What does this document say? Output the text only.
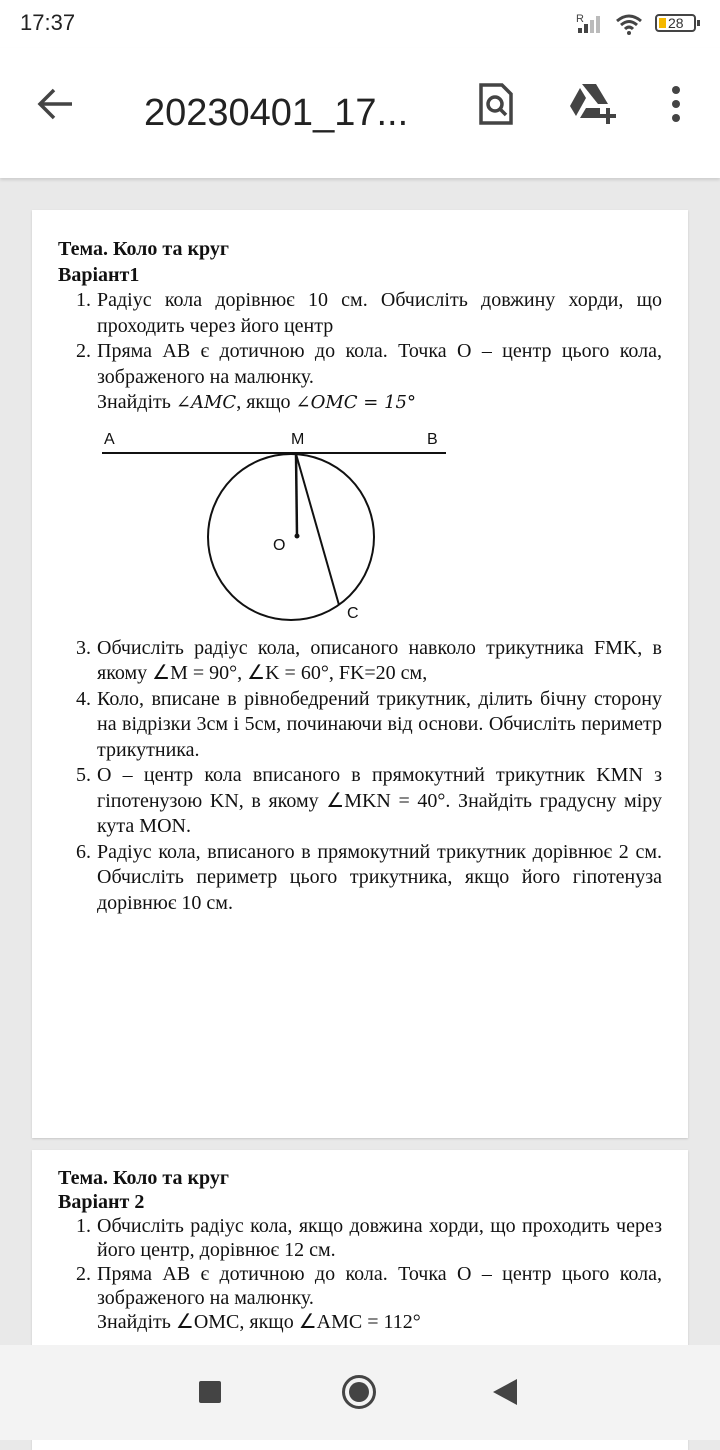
17:37	R	28
20230401_17...
Тема. Коло та круг
Варіант1
1. Радіус кола дорівнює 10 см. Обчисліть довжину хорди, що проходить через його центр
2. Пряма АВ є дотичною до кола. Точка О – центр цього кола, зображеного на малюнку.
Знайдіть ∠AMC, якщо ∠OMC = 15°
A	M	B
O
C
3. Обчисліть радіус кола, описаного навколо трикутника FMK, в якому ∠M = 90°, ∠K = 60°, FK=20 см,
4. Коло, вписане в рівнобедрений трикутник, ділить бічну сторону на відрізки 3см і 5см, починаючи від основи. Обчисліть периметр трикутника.
5. О – центр кола вписаного в прямокутний трикутник KMN з гіпотенузою KN, в якому ∠MKN = 40°. Знайдіть градусну міру кута MON.
6. Радіус кола, вписаного в прямокутний трикутник дорівнює 2 см. Обчисліть периметр цього трикутника, якщо його гіпотенуза дорівнює 10 см.
Тема. Коло та круг
Варіант 2
1. Обчисліть радіус кола, якщо довжина хорди, що проходить через його центр, дорівнює 12 см.
2. Пряма АВ є дотичною до кола. Точка О – центр цього кола, зображеного на малюнку.
Знайдіть ∠OMC, якщо ∠AMC = 112°
